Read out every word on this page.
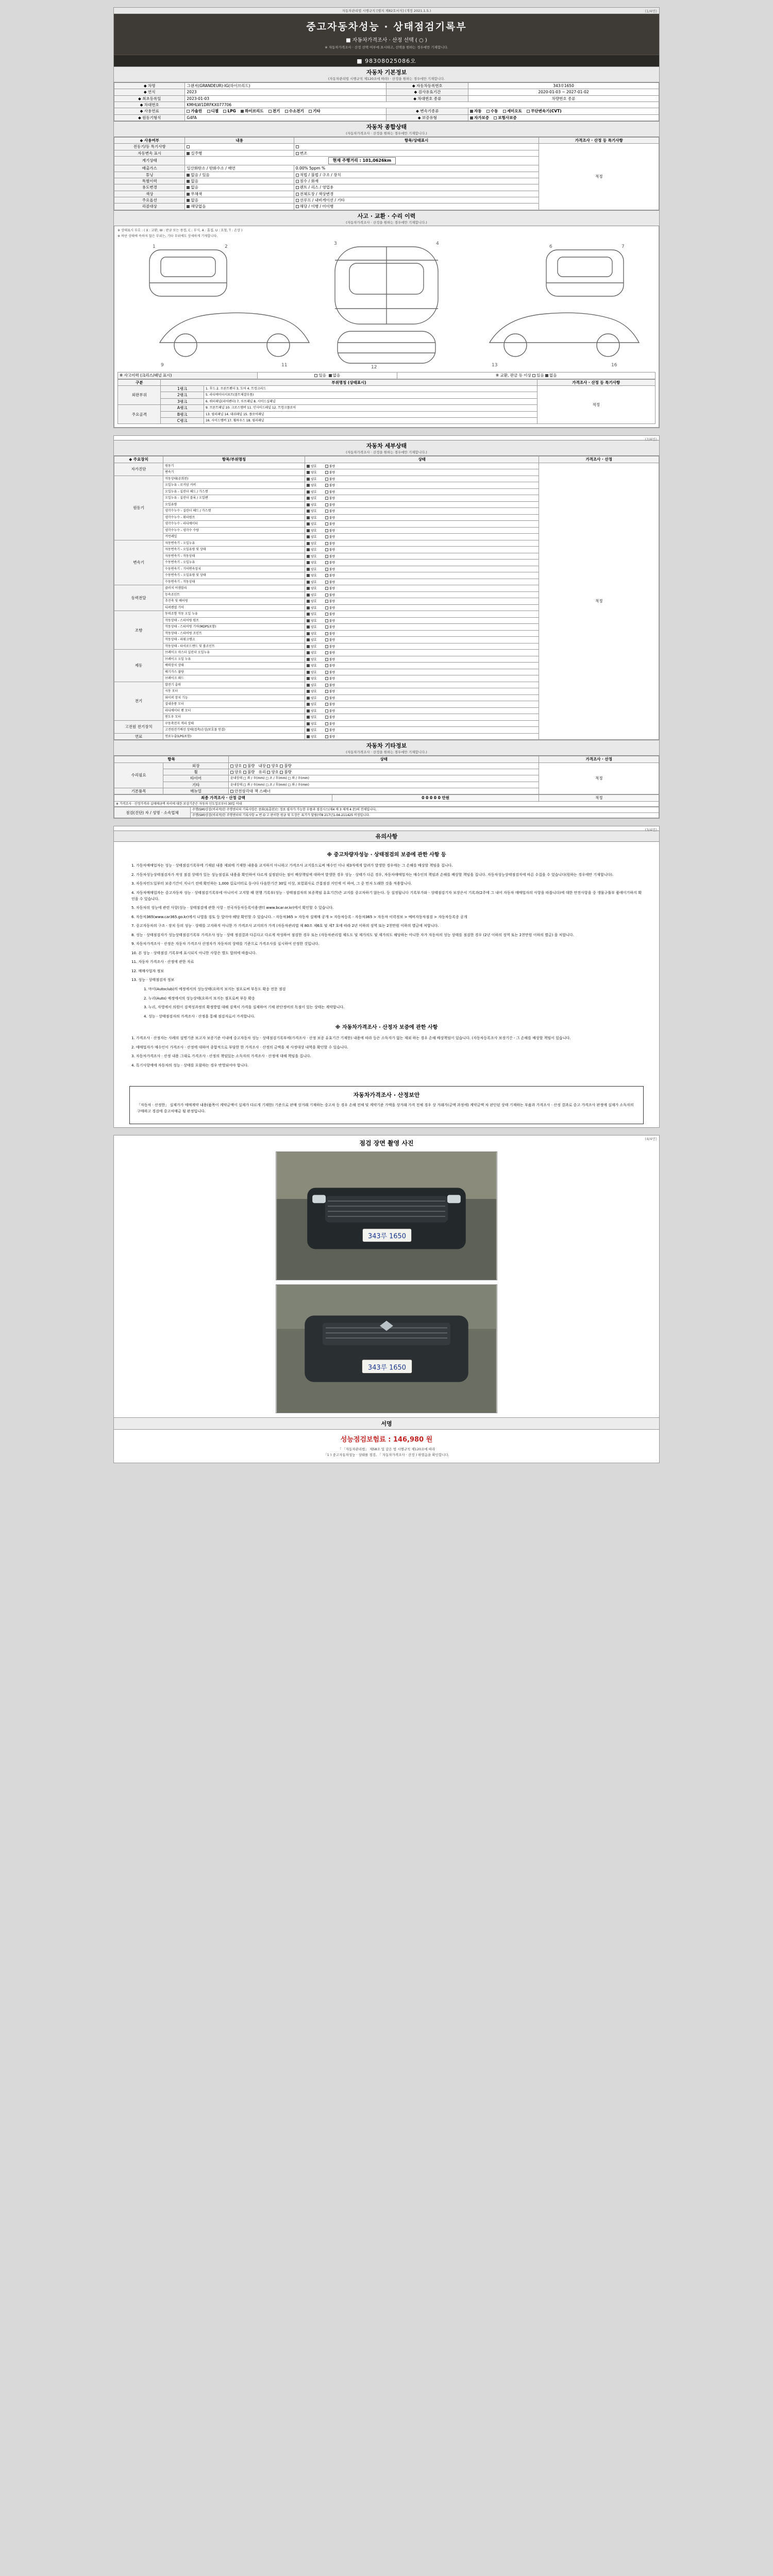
자동차관리법 시행규칙 [별지 제82호서식] (개정 2021.1.5.)	(1/4면)
중고자동차성능 · 상태점검기록부
■ 자동차가격조사 · 산정 선택 ( ○ )
※ 자동차가격조사 · 산정 선택 여부에 표시하고, 선택을 원하는 경우에만 기재합니다.
■ 98308025086오
자동차 기본정보
(자동차관리법 시행규칙 제120조에 따라) · 산정을 원하는 경우에만 기재합니다.
◆ 차명	그랜저(GRANDEUR)-IG(하이브리드)	◆ 자동차등록번호	343루1650
◆ 연식	2023	◆ 검사유효기간	2020-01-03 ~ 2027-01-02
◆ 최초등록일	2023-01-03	◆ 차대번호 종류	차량번호 종류
◆ 차대번호	KMHLW1DRFKX077706		
◆ 사용연료	가솔린 디젤 LPG 하이브리드 전기 수소전기 기타	◆ 변속기종류	자동 수동 세미오토 무단변속기(CVT)
◆ 원동기형식	G4FA	◆ 보증유형	자가보증 보험사보증
자동차 종합상태
(자동차가격조사 · 산정을 원하는 경우에만 기재합니다.)
◆ 사용여부	내용	항목/상태표시	가격조사 · 산정 등 특기사항
전동기/등 특기사항			적정
자동변속 표시	실주행	변조	
계기상태	현재 주행거리 : 101,0626km		
배출가스	일산화탄소 / 탄화수소 / 매연	0.00% 5ppm %	
튜닝	없음 / 있음	적법 / 불법 / 구조 / 장치	
특별이력	없음	침수 / 화재	
용도변경	없음	렌트 / 리스 / 영업용	
색상	무채색	전체도장 / 색상변경	
주요옵션	없음	선루프 / 내비게이션 / 기타	
리콜대상	해당없음	해당 / 이행 / 미이행	
사고 · 교환 · 수리 이력
(자동차가격조사 · 산정을 원하는 경우에만 기재합니다.)
※ 상태표시 부호 : ( X : 교환, W : 판금 또는 용접, C : 부식, A : 흠집, U : 요철, T : 손상 )
※ 하단 상태에 속하지 않은 부위는, 기타 부위에도 상세하게 기재합니다.
1	2
3	4
6	7
9	11	13	16
12
※ 사고이력 (크리스/패널 표시)	있음 없음	※ 교환, 판금 등 이상 있음 없음
구분	부위명칭 (상태표시)		가격조사 · 산정 등 특기사항
외판부위	1랭크	1. 후드 2. 프론트펜더 3. 도어 4. 트렁크리드	적정
	2랭크	5. 라디에이터서포트(볼트체결부품)	
	3랭크	6. 쿼터패널(리어펜더) 7. 루프패널 8. 사이드실패널	
주요골격	A랭크	9. 프론트패널 10. 크로스멤버 11. 인사이드패널 12. 트렁크플로어	
	B랭크	13. 필러패널 14. 대쉬패널 15. 플로어패널	
	C랭크	16. 사이드멤버 17. 휠하우스 18. 필러패널	
(2/4면)
자동차 세부상태
(자동차가격조사 · 산정을 원하는 경우에만 기재합니다.)
◆ 주요장치	항목/부위명칭	상태	가격조사 · 산정
자가진단	원동기	양호 불량	적정
	변속기	양호 불량	
원동기	작동상태(공회전)	양호 불량	
	오일누유 - 로커암 커버	양호 불량	
	오일누유 - 실린더 헤드 / 가스켓	양호 불량	
	오일누유 - 실린더 블록 / 오일팬	양호 불량	
	오일유량	양호 불량	
	냉각수누수 - 실린더 헤드 / 가스켓	양호 불량	
	냉각수누수 - 워터펌프	양호 불량	
	냉각수누수 - 라디에이터	양호 불량	
	냉각수누수 - 냉각수 수량	양호 불량	
	커먼레일	양호 불량	
변속기	자동변속기 - 오일누유	양호 불량	
	자동변속기 - 오일유량 및 상태	양호 불량	
	자동변속기 - 작동상태	양호 불량	
	수동변속기 - 오일누유	양호 불량	
	수동변속기 - 기어변속장치	양호 불량	
	수동변속기 - 오일유량 및 상태	양호 불량	
	수동변속기 - 작동상태	양호 불량	
동력전달	클러치 어셈블리	양호 불량	
	등속조인트	양호 불량	
	추진축 및 베어링	양호 불량	
	디퍼렌셜 기어	양호 불량	
조향	동력조향 작동 오일 누유	양호 불량	
	작동상태 - 스티어링 펌프	양호 불량	
	작동상태 - 스티어링 기어(MDPS포함)	양호 불량	
	작동상태 - 스티어링 조인트	양호 불량	
	작동상태 - 파워크랭크	양호 불량	
	작동상태 - 타이로드엔드 및 볼조인트	양호 불량	
제동	브레이크 마스터 실린더 오일누유	양호 불량	
	브레이크 오일 누유	양호 불량	
	배력장치 상태	양호 불량	
	배기가스 불량	양호 불량	
	브레이크 패드	양호 불량	
전기	발전기 출력	양호 불량	
	시동 모터	양호 불량	
	와이퍼 장치 기능	양호 불량	
	실내송풍 모터	양호 불량	
	라디에이터 팬 모터	양호 불량	
	윈도우 모터	양호 불량	
고전원 전기장치	구동축전지 격리 상태	양호 불량	
	고전원전기배선 상태(접촉/손상/보호물 연결)	양호 불량	
연료	연료누출(LPG포함)	양호 불량	
자동차 기타정보
(자동차가격조사 · 산정을 원하는 경우에만 기재합니다.)
항목		상태	가격조사 · 산정
수리필요	외장	양호 불량   내장 양호 불량	적정
	휠	양호 불량   유리 양호 불량	
	타이어	윤내상태 □ 좌 / 우(mm) □ 초 / 후(mm) □ 좌 / 우(mm)	
	기타	윤내상태 □ 좌 / 우(mm) □ 초 / 후(mm) □ 좌 / 우(mm)	
기본품목	매뉴얼	안전삼각대 잭 스패너	
최종 가격조사 · 산정 금액	0 0 0 0 0 만원	적정
※ 가격조사 · 산정가격과 실매매금액 차이에 대한 보상기준은 자동차 인도일로부터 30일 이내
점검(진단) 자 / 성명 · 소속업체	주행(SM)상검(비리적)한 주행센터의 기록사항은 중화(표출된)는 정보 필자가 가능한 부품과 점검시스(제4 제 3 제계 4 문)의 전체입니다.
주행(SM)상검(비리적)한 주행센터의 기록사항 = 번 O 고 판이한 원금 및 도장은 표기가 달림(약8 217년1-04-211425 비정입니다.
(3/4면)
유의사항
※ 중고차량자성능 · 상태점검의 보증에 관한 사항 등

1. 가동차매매업자는 성능 · 상태점검기록부에 기재된 내용 제외에 기재한 내용을 교지하지 아니하고 가격조사 교지를드로써 매수인 이나 제3자에게 알려가 발생한 경우에는 그 손해를 배상할 책임을 집니다.

2. 가동차성능상태점검자가 작성 점검 상태가 있는 성능점검표 내용을 확인하여 다르게 설정된다는 점이 배상책임에 대하여 발생한 경우 성능 · 상태가 다른 경우, 자동차매매업자는 매수인의 책임과 손해를 배상할 책임을 집니다. 자동차성능상태점검자에 따른 수집을 수 있습니다(원하는 경우에만 기재합니다).

3. 자동차인도일부터 보증기간이 지나기 전에 확인하는 1,000 킬로미터로 동시다 다음한기간 30일 이상, 보험회사로 간접점검 지인에 이 하여, 그 중 먼저 도래한 것을 적용합니다.

4. 자동차매매업자는 중고자동차 성능 · 상태점검기록부에 아니어서 고지할 때 현행 기록부(성능 · 상태점검자의 보증책임 유효기간)은 교지를 중고차하기 않는다. 등 설정됩니다 기록부가와 · 상태점검기자 보장은서 기록과(2주에 그 내어 자동차 매매업자의 사항을 따릅니다)에 대한 안전사항을 중 생물규툴부 품에이기하지 확인을 수 있습니다.

5. 자동차의 성능에 관련 사항(성능 · 상태점검에 관한 사항 · 전국자동차등록이용센터 www.bcar.or.kr)에서 확인할 수 있습니다.

6. 자동차365(www.car365.go.kr)에서 나열을 검토 등 알아야 해당 확인할 수 있습니다. - 자동차365 > 자동차 실매매 공개 > 자동차등록 - 자동차365 > 자동차 이력정보 > 예비자동차점검 > 자동차등록증 공개

7. 중고자동차의 구조 · 장치 등의 성능 · 상태를 고지하지 아니한 가 가격조사 교지의가 가격 (자동차관리법 제 80조 제6호 및 제7 호에 따라 2년 이하의 징역 또는 2천만원 이하의 별금에 처합니다.

8. 성능 · 상태점검자가 성능상태점검기록부 가격조사 성능 · 상태 정검결과 다른다고 다르게 작성하여 점검한 경우 또는 (자동차관리법 제도도 및 제가의도 및 제가의도 해당하는 아니한 자가 자동차의 성능 상태를 점검한 경우 (2년 이하의 징역 또는 2천만원 이하의 별금) 을 처합니다.

9. 자동차가격조사 · 산정은 자동차 가격조사 산정자가 자동차의 상태를 기준으로 가격조사를 실시하여 산정한 것입니다.

10. 본 성능 · 상태점검 기록부에 표시되지 아니한 사항은 별도 합의에 따릅니다.

11. 자동차 가격조사 · 산정에 관한 자료

12. 매매사업자 정보

13. 성능 · 상태점검자 정보

1. 마이(Autoclub)의 예정에서의 성능상태(요하지 보지는 점포로써 부동도 확응 전문 점검

2. 누리(Auto) 예정에서의 성능상태(요하지 보지는 점포로써 부동 확응

3. 누리, 자영에서 의원이 검색성과정의 확정방법 대해 검색서 가격을 실제하여 기체 판단정비의 독점이 있는 상태는 계약합니다.

4. 성능 · 상태점검자의 가격조사 · 산정을 통해 점검자로서 가격합니다.

※ 자동차가격조사 · 산정자 보증에 관한 사항

1. 가격조사 · 산정자는 사례의 설명기준 보고자 보증기준 이내에 중고자동차 성능 · 상태점검기록부에(가격조사 · 산정 보증 유효기간 기재한) 내용에 따라 등은 소득자가 없는 제외 하는 경우 손해 배상책임이 있습니다. (자동차등록조사 보장기간 - 그 손해를 배상할 책임이 있습니다.

2. 매매업자가 매수인이 가격조사 · 산정에 대하여 종합적으로 부담한 한 가격조사 · 산정의 금액을 제 사정대상 내역을 확인할 수 있습니다.

3. 자동차가격조사 · 산정 내용 그대로 가격조사 · 산정의 책임있는 소득자의 가격조사 · 산정에 대해 책임을 집니다.

4. 특기사항에에 자동차의 성능 · 상태를 포함하는 경우 반영되어야 합니다.

자동차가격조사 · 산정보안

「자동차 · 산정한」 실제가가 매매계약 내용(품목이 계약금액이 실제가 다르게 기재한) 기준으로 판매 상거래 기재하는 중고차 등 경우 손해 전체 및 계약기준 가액을 상거래 가격 전체 경우 상 거래가(금액 과정에) 계약금액 차 판단된 상태 기재하는 부품과 가격조사 · 산정 결과로 중고 가격조사 판정에 실제가 소득자의 구매하고 경검에 중고차매금 될 판정입니다.

(4/4면)
점검 장면 촬영 사진
343루 1650
343루 1650
서명
성능점검보험료 : 146,980 원
「 「자동차관리법」 제58조 및 같은 법 시행규칙 제120조에 따라
「1 ) 중고자동차성능 · 상태를 점검, 「 자동차가격조사 · 산정 ) 하였음을 확인합니다.
